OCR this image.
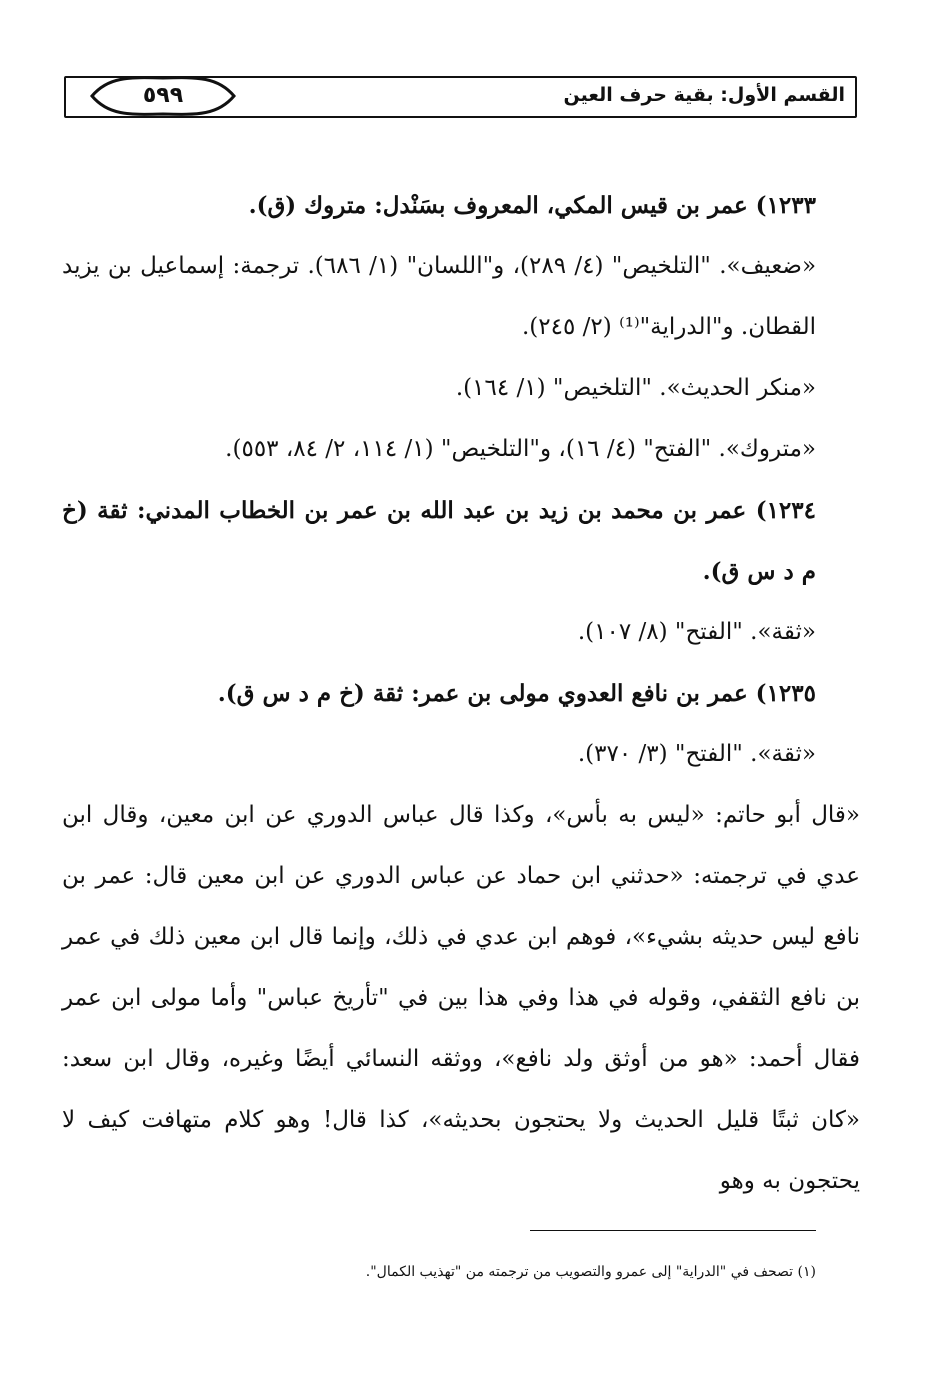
القسم الأول: بقية حرف العين
٥٩٩

١٢٣٣) عمر بن قيس المكي، المعروف بسَنْدل: متروك (ق).

«ضعيف». "التلخيص" (٤/ ٢٨٩)، و"اللسان" (١/ ٦٨٦). ترجمة: إسماعيل بن يزيد القطان. و"الدراية"⁽¹⁾ (٢/ ٢٤٥).

«منكر الحديث». "التلخيص" (١/ ١٦٤).

«متروك». "الفتح" (٤/ ١٦)، و"التلخيص" (١/ ١١٤، ٢/ ٨٤، ٥٥٣).

١٢٣٤) عمر بن محمد بن زيد بن عبد الله بن عمر بن الخطاب المدني: ثقة (خ م د س ق).

«ثقة». "الفتح" (٨/ ١٠٧).

١٢٣٥) عمر بن نافع العدوي مولى بن عمر: ثقة (خ م د س ق).

«ثقة». "الفتح" (٣/ ٣٧٠).

«قال أبو حاتم: «ليس به بأس»، وكذا قال عباس الدوري عن ابن معين، وقال ابن عدي في ترجمته: «حدثني ابن حماد عن عباس الدوري عن ابن معين قال: عمر بن نافع ليس حديثه بشيء»، فوهم ابن عدي في ذلك، وإنما قال ابن معين ذلك في عمر بن نافع الثقفي، وقوله في هذا وفي هذا بين في "تأريخ عباس" وأما مولى ابن عمر فقال أحمد: «هو من أوثق ولد نافع»، ووثقه النسائي أيضًا وغيره، وقال ابن سعد: «كان ثبتًا قليل الحديث ولا يحتجون بحديثه»، كذا قال! وهو كلام متهافت كيف لا يحتجون به وهو

(١) تصحف في "الدراية" إلى عمرو والتصويب من ترجمته من "تهذيب الكمال".
